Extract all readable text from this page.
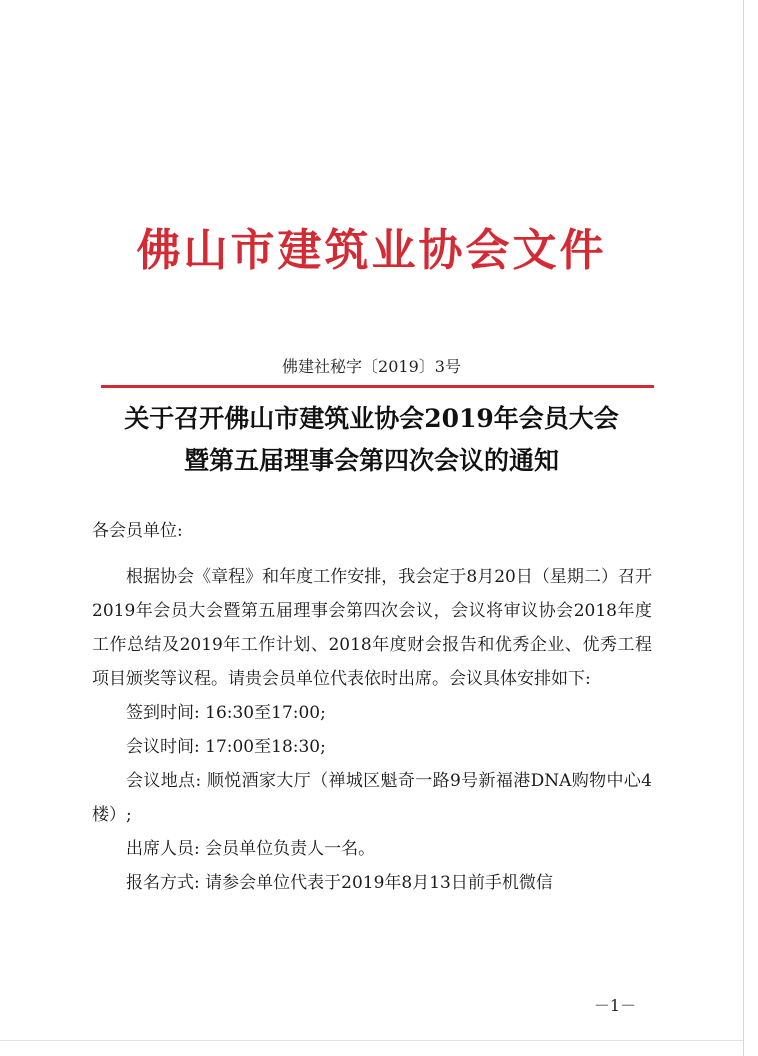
佛山市建筑业协会文件
佛建社秘字〔2019〕3号
关于召开佛山市建筑业协会2019年会员大会
暨第五届理事会第四次会议的通知
各会员单位:
根据协会《章程》和年度工作安排，我会定于8月20日（星期二）召开2019年会员大会暨第五届理事会第四次会议，会议将审议协会2018年度工作总结及2019年工作计划、2018年度财会报告和优秀企业、优秀工程项目颁奖等议程。请贵会员单位代表依时出席。会议具体安排如下:
签到时间: 16:30至17:00;
会议时间: 17:00至18:30;
会议地点: 顺悦酒家大厅（禅城区魁奇一路9号新福港DNA购物中心4楼）;
出席人员: 会员单位负责人一名。
报名方式: 请参会单位代表于2019年8月13日前手机微信
－1－
